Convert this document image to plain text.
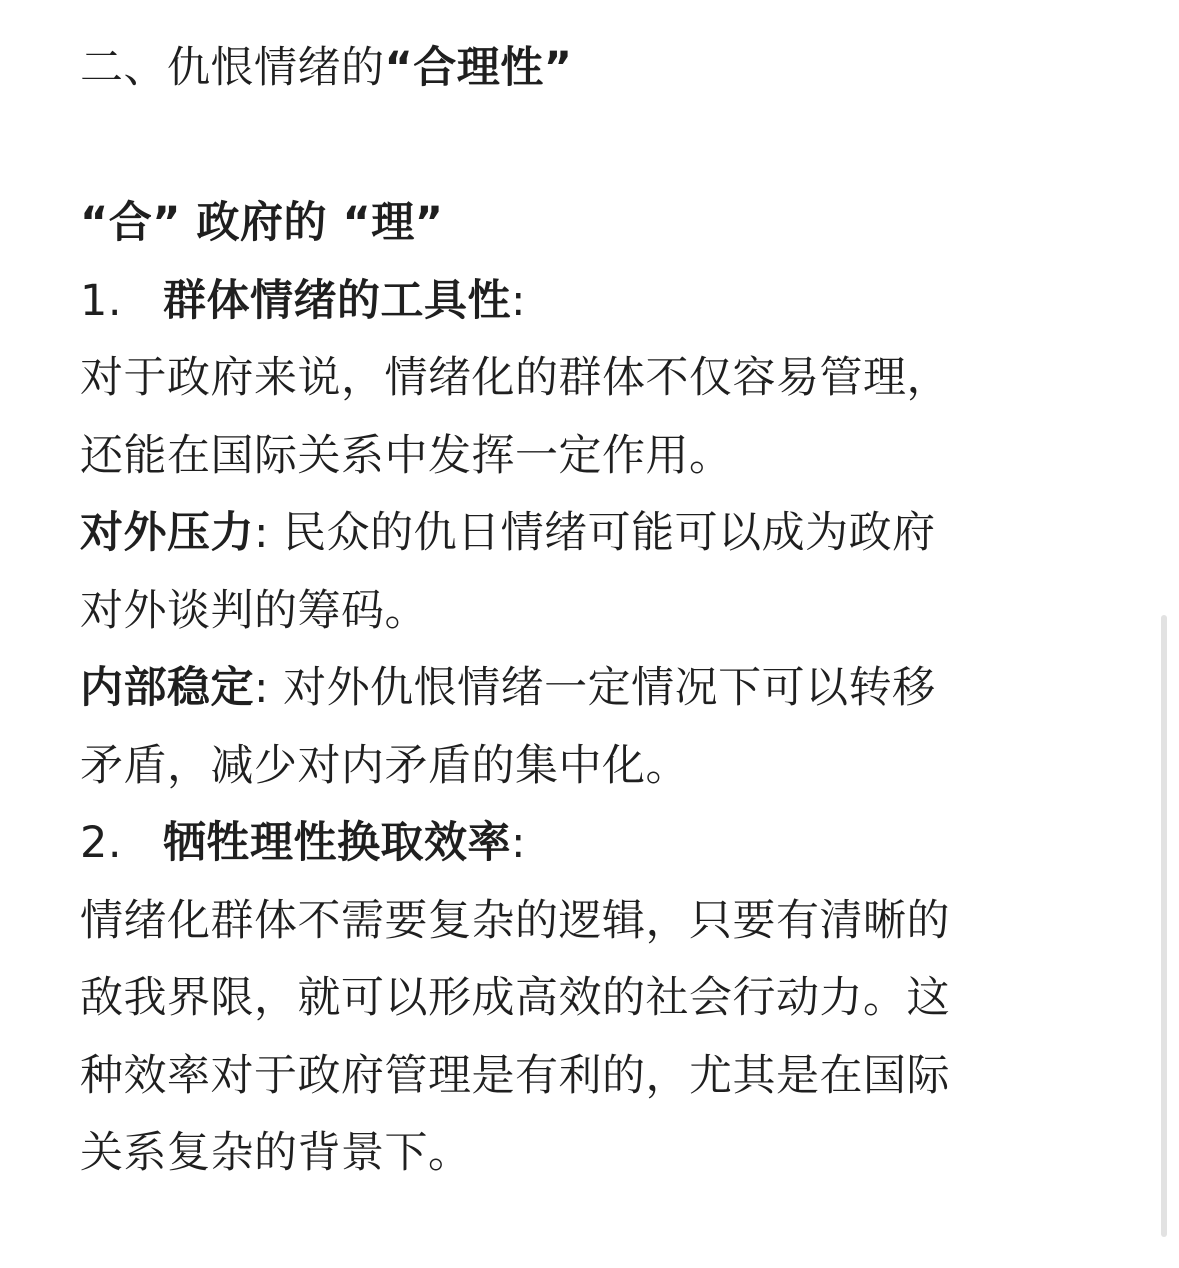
二、仇恨情绪的“合理性”
“合” 政府的 “理”
1. 群体情绪的工具性:
对于政府来说，情绪化的群体不仅容易管理，
还能在国际关系中发挥一定作用。
对外压力: 民众的仇日情绪可能可以成为政府
对外谈判的筹码。
内部稳定: 对外仇恨情绪一定情况下可以转移
矛盾，减少对内矛盾的集中化。
2. 牺牲理性换取效率:
情绪化群体不需要复杂的逻辑，只要有清晰的
敌我界限，就可以形成高效的社会行动力。这
种效率对于政府管理是有利的，尤其是在国际
关系复杂的背景下。
